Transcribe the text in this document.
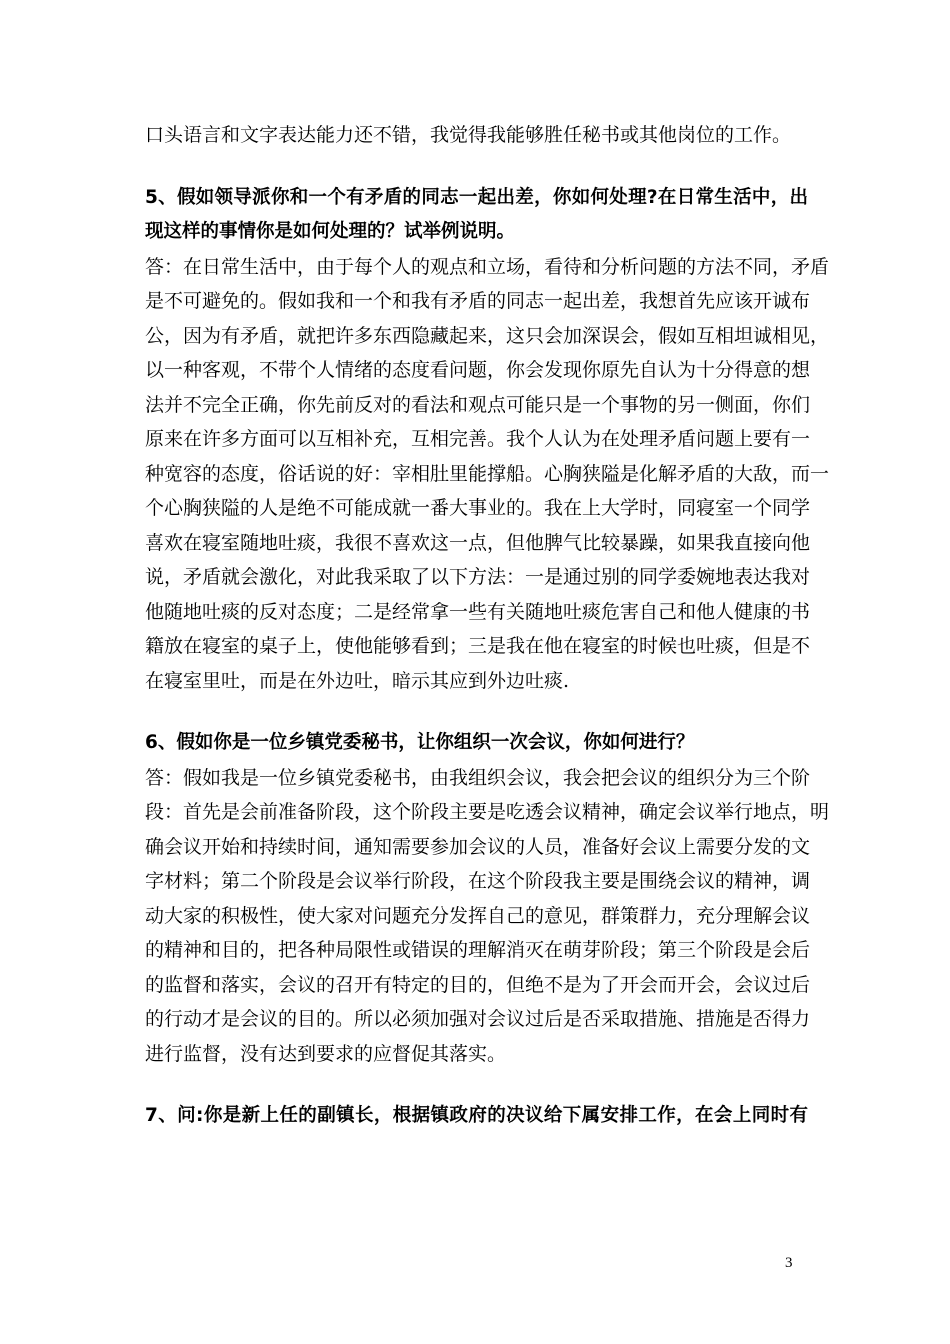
口头语言和文字表达能力还不错，我觉得我能够胜任秘书或其他岗位的工作。
5、假如领导派你和一个有矛盾的同志一起出差，你如何处理?在日常生活中，出
现这样的事情你是如何处理的？试举例说明。
答：在日常生活中，由于每个人的观点和立场，看待和分析问题的方法不同，矛盾
是不可避免的。假如我和一个和我有矛盾的同志一起出差，我想首先应该开诚布
公，因为有矛盾，就把许多东西隐藏起来，这只会加深误会，假如互相坦诚相见，
以一种客观，不带个人情绪的态度看问题，你会发现你原先自认为十分得意的想
法并不完全正确，你先前反对的看法和观点可能只是一个事物的另一侧面，你们
原来在许多方面可以互相补充，互相完善。我个人认为在处理矛盾问题上要有一
种宽容的态度，俗话说的好：宰相肚里能撑船。心胸狭隘是化解矛盾的大敌，而一
个心胸狭隘的人是绝不可能成就一番大事业的。我在上大学时，同寝室一个同学
喜欢在寝室随地吐痰，我很不喜欢这一点，但他脾气比较暴躁，如果我直接向他
说，矛盾就会激化，对此我采取了以下方法：一是通过别的同学委婉地表达我对
他随地吐痰的反对态度；二是经常拿一些有关随地吐痰危害自己和他人健康的书
籍放在寝室的桌子上，使他能够看到；三是我在他在寝室的时候也吐痰，但是不
在寝室里吐，而是在外边吐，暗示其应到外边吐痰.
6、假如你是一位乡镇党委秘书，让你组织一次会议，你如何进行？
答：假如我是一位乡镇党委秘书，由我组织会议，我会把会议的组织分为三个阶
段：首先是会前准备阶段，这个阶段主要是吃透会议精神，确定会议举行地点，明
确会议开始和持续时间，通知需要参加会议的人员，准备好会议上需要分发的文
字材料；第二个阶段是会议举行阶段，在这个阶段我主要是围绕会议的精神，调
动大家的积极性，使大家对问题充分发挥自己的意见，群策群力，充分理解会议
的精神和目的，把各种局限性或错误的理解消灭在萌芽阶段；第三个阶段是会后
的监督和落实，会议的召开有特定的目的，但绝不是为了开会而开会，会议过后
的行动才是会议的目的。所以必须加强对会议过后是否采取措施、措施是否得力
进行监督，没有达到要求的应督促其落实。
7、问:你是新上任的副镇长，根据镇政府的决议给下属安排工作，在会上同时有
3
